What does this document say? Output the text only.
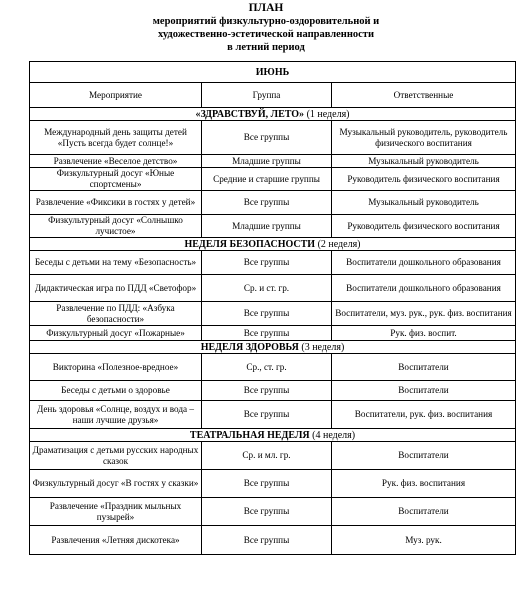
ПЛАН
мероприятий физкультурно-оздоровительной и
художественно-эстетической направленности
в летний период
ИЮНЬ		
Мероприятие	Группа	Ответственные
«ЗДРАВСТВУЙ, ЛЕТО» (1 неделя)		
Международный день защиты детей «Пусть всегда будет солнце!»	Все группы	Музыкальный руководитель, руководитель физического воспитания
Развлечение «Веселое детство»	Младшие группы	Музыкальный руководитель
Физкультурный досуг «Юные спортсмены»	Средние и старшие группы	Руководитель физического воспитания
Развлечение «Фиксики в гостях у детей»	Все группы	Музыкальный руководитель
Физкультурный досуг «Солнышко лучистое»	Младшие группы	Руководитель физического воспитания
НЕДЕЛЯ БЕЗОПАСНОСТИ (2 неделя)		
Беседы с детьми на тему «Безопасность»	Все группы	Воспитатели дошкольного образования
Дидактическая игра по ПДД «Светофор»	Ср. и ст. гр.	Воспитатели дошкольного образования
Развлечение по ПДД: «Азбука безопасности»	Все группы	Воспитатели, муз. рук., рук. физ. воспитания
Физкультурный досуг «Пожарные»	Все группы	Рук. физ. воспит.
НЕДЕЛЯ ЗДОРОВЬЯ (3 неделя)		
Викторина «Полезное-вредное»	Ср., ст. гр.	Воспитатели
Беседы с детьми о здоровье	Все группы	Воспитатели
День здоровья «Солнце, воздух и вода – наши лучшие друзья»	Все группы	Воспитатели, рук. физ. воспитания
ТЕАТРАЛЬНАЯ НЕДЕЛЯ (4 неделя)		
Драматизация с детьми русских народных сказок	Ср. и мл. гр.	Воспитатели
Физкультурный досуг «В гостях у сказки»	Все группы	Рук. физ. воспитания
Развлечение «Праздник мыльных пузырей»	Все группы	Воспитатели
Развлечения «Летняя дискотека»	Все группы	Муз. рук.
